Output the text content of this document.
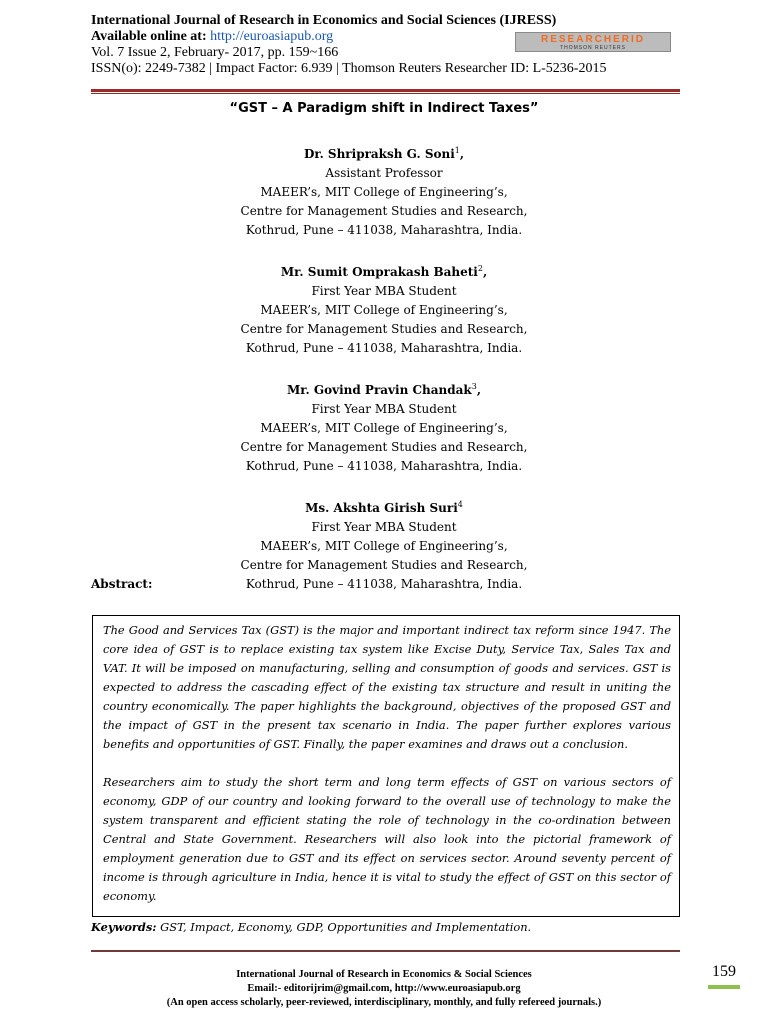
International Journal of Research in Economics and Social Sciences (IJRESS)
Available online at: http://euroasiapub.org
Vol. 7 Issue 2, February- 2017, pp. 159~166
ISSN(o): 2249-7382 | Impact Factor: 6.939 | Thomson Reuters Researcher ID: L-5236-2015
RESEARCHERID
THOMSON REUTERS
“GST – A Paradigm shift in Indirect Taxes”
Dr. Shripraksh G. Soni$^1$,
Assistant Professor
MAEER’s, MIT College of Engineering’s,
Centre for Management Studies and Research,
Kothrud, Pune – 411038, Maharashtra, India.
Mr. Sumit Omprakash Baheti$^2$,
First Year MBA Student
MAEER’s, MIT College of Engineering’s,
Centre for Management Studies and Research,
Kothrud, Pune – 411038, Maharashtra, India.
Mr. Govind Pravin Chandak$^3$,
First Year MBA Student
MAEER’s, MIT College of Engineering’s,
Centre for Management Studies and Research,
Kothrud, Pune – 411038, Maharashtra, India.
Ms. Akshta Girish Suri$^4$
First Year MBA Student
MAEER’s, MIT College of Engineering’s,
Centre for Management Studies and Research,
Kothrud, Pune – 411038, Maharashtra, India.
Abstract:

The Good and Services Tax (GST) is the major and important indirect tax reform since 1947. The core idea of GST is to replace existing tax system like Excise Duty, Service Tax, Sales Tax and VAT. It will be imposed on manufacturing, selling and consumption of goods and services. GST is expected to address the cascading effect of the existing tax structure and result in uniting the country economically. The paper highlights the background, objectives of the proposed GST and the impact of GST in the present tax scenario in India. The paper further explores various benefits and opportunities of GST. Finally, the paper examines and draws out a conclusion.

Researchers aim to study the short term and long term effects of GST on various sectors of economy, GDP of our country and looking forward to the overall use of technology to make the system transparent and efficient stating the role of technology in the co-ordination between Central and State Government. Researchers will also look into the pictorial framework of employment generation due to GST and its effect on services sector. Around seventy percent of income is through agriculture in India, hence it is vital to study the effect of GST on this sector of economy.

Keywords: GST, Impact, Economy, GDP, Opportunities and Implementation.
International Journal of Research in Economics & Social Sciences
Email:- editorijrim@gmail.com, http://www.euroasiapub.org
(An open access scholarly, peer-reviewed, interdisciplinary, monthly, and fully refereed journals.)
159
